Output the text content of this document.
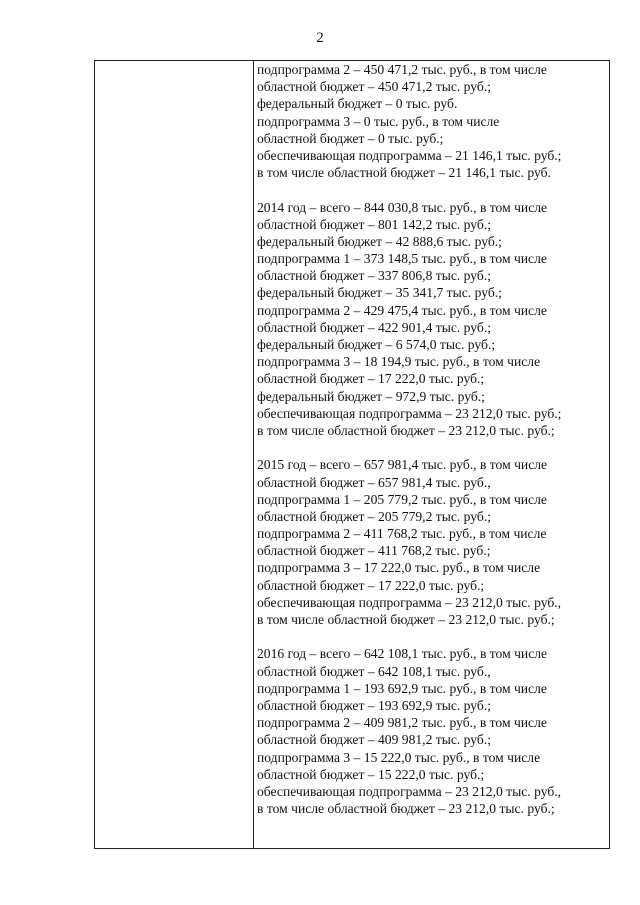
2
подпрограмма 2 – 450 471,2 тыс. руб., в том числе
областной бюджет – 450 471,2 тыс. руб.;
федеральный бюджет – 0 тыс. руб.
подпрограмма 3 – 0 тыс. руб., в том числе
областной бюджет – 0 тыс. руб.;
обеспечивающая подпрограмма – 21 146,1 тыс. руб.;
в том числе областной бюджет – 21 146,1 тыс. руб.
2014 год – всего – 844 030,8 тыс. руб., в том числе
областной бюджет – 801 142,2 тыс. руб.;
федеральный бюджет – 42 888,6 тыс. руб.;
подпрограмма 1 – 373 148,5 тыс. руб., в том числе
областной бюджет – 337 806,8 тыс. руб.;
федеральный бюджет – 35 341,7 тыс. руб.;
подпрограмма 2 – 429 475,4 тыс. руб., в том числе
областной бюджет – 422 901,4 тыс. руб.;
федеральный бюджет – 6 574,0 тыс. руб.;
подпрограмма 3 – 18 194,9 тыс. руб., в том числе
областной бюджет – 17 222,0 тыс. руб.;
федеральный бюджет – 972,9 тыс. руб.;
обеспечивающая подпрограмма – 23 212,0 тыс. руб.;
в том числе областной бюджет – 23 212,0 тыс. руб.;
2015 год – всего – 657 981,4 тыс. руб., в том числе
областной бюджет – 657 981,4 тыс. руб.,
подпрограмма 1 – 205 779,2 тыс. руб., в том числе
областной бюджет – 205 779,2 тыс. руб.;
подпрограмма 2 – 411 768,2 тыс. руб., в том числе
областной бюджет – 411 768,2 тыс. руб.;
подпрограмма 3 – 17 222,0 тыс. руб., в том числе
областной бюджет – 17 222,0 тыс. руб.;
обеспечивающая подпрограмма – 23 212,0 тыс. руб.,
в том числе областной бюджет – 23 212,0 тыс. руб.;
2016 год – всего – 642 108,1 тыс. руб., в том числе
областной бюджет – 642 108,1 тыс. руб.,
подпрограмма 1 – 193 692,9 тыс. руб., в том числе
областной бюджет – 193 692,9 тыс. руб.;
подпрограмма 2 – 409 981,2 тыс. руб., в том числе
областной бюджет – 409 981,2 тыс. руб.;
подпрограмма 3 – 15 222,0 тыс. руб., в том числе
областной бюджет – 15 222,0 тыс. руб.;
обеспечивающая подпрограмма – 23 212,0 тыс. руб.,
в том числе областной бюджет – 23 212,0 тыс. руб.;
